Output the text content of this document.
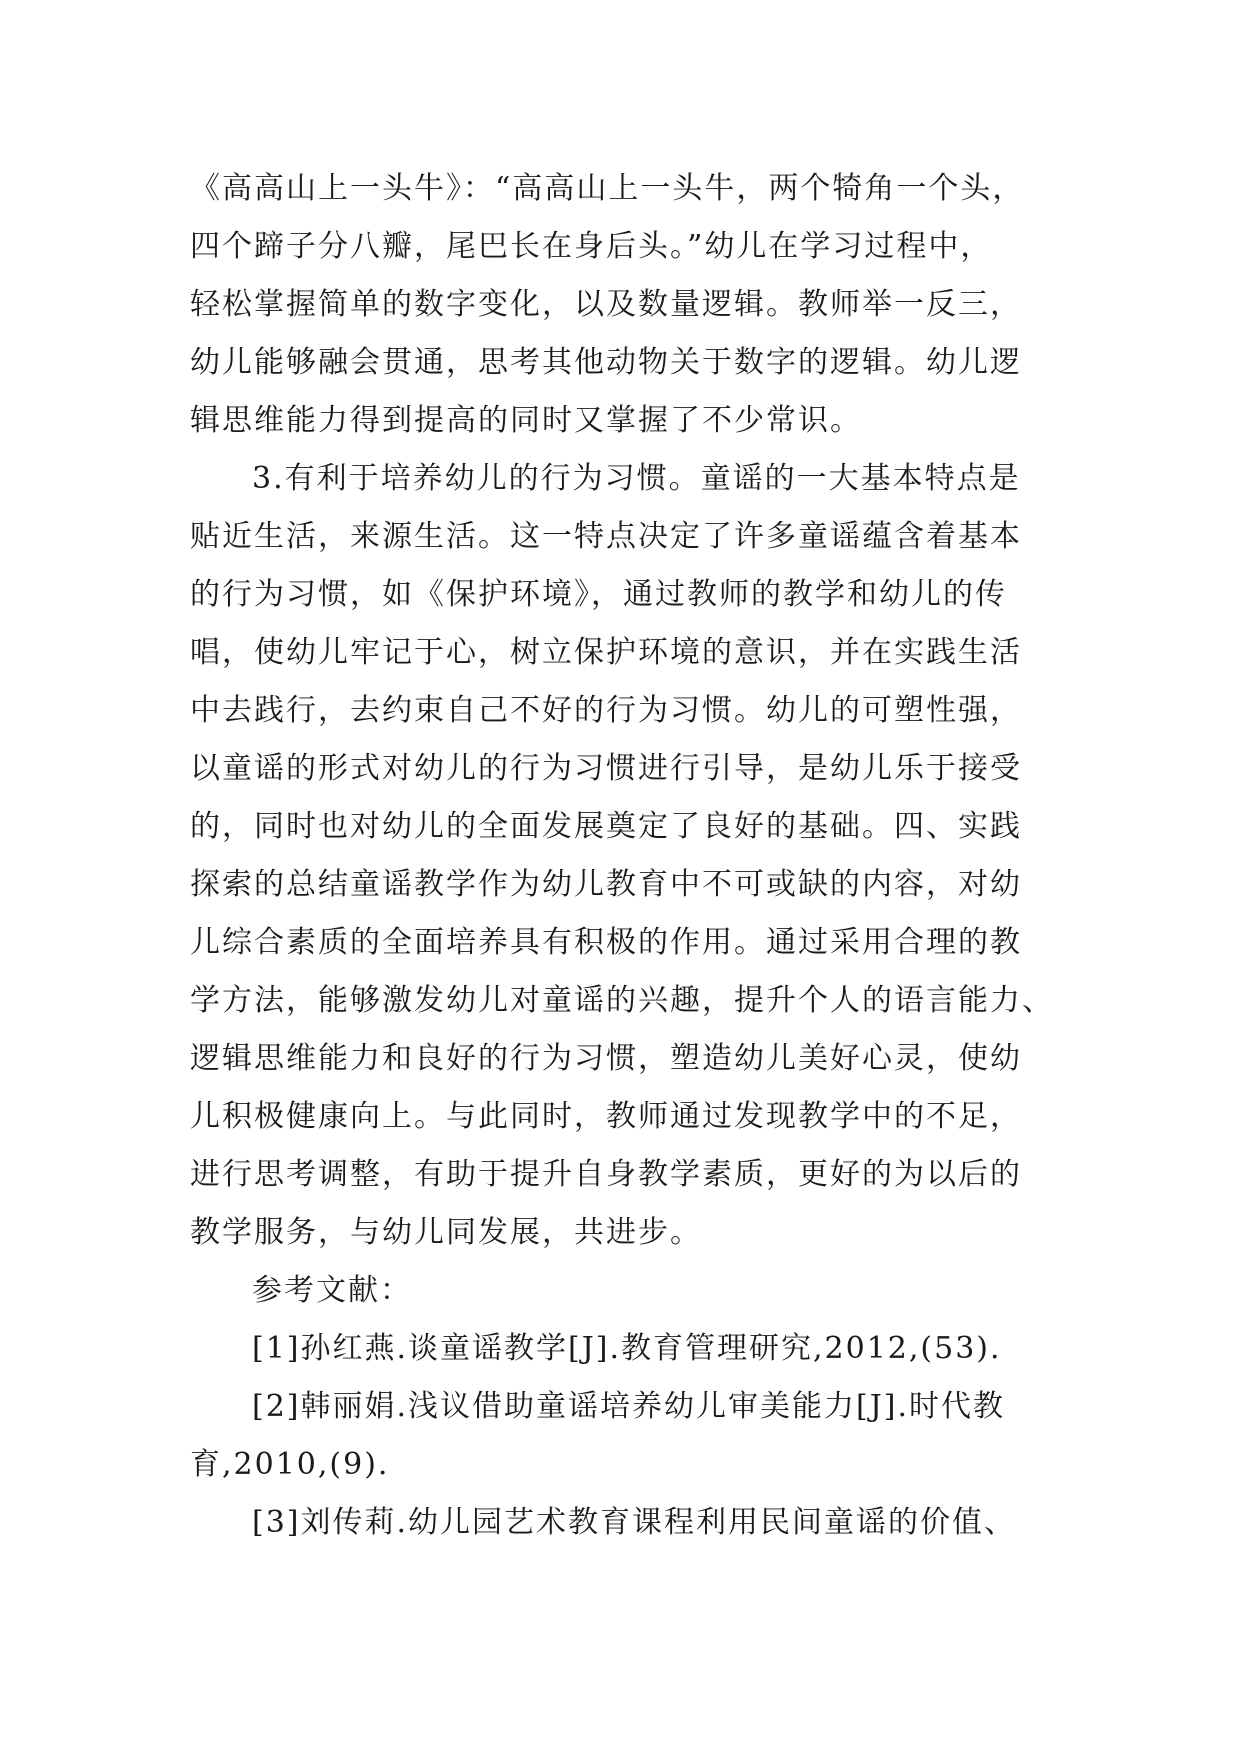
《高高山上一头牛》：“高高山上一头牛，两个犄角一个头，
四个蹄子分八瓣，尾巴长在身后头。”幼儿在学习过程中，
轻松掌握简单的数字变化，以及数量逻辑。教师举一反三，
幼儿能够融会贯通，思考其他动物关于数字的逻辑。幼儿逻
辑思维能力得到提高的同时又掌握了不少常识。
3.有利于培养幼儿的行为习惯。童谣的一大基本特点是
贴近生活，来源生活。这一特点决定了许多童谣蕴含着基本
的行为习惯，如《保护环境》，通过教师的教学和幼儿的传
唱，使幼儿牢记于心，树立保护环境的意识，并在实践生活
中去践行，去约束自己不好的行为习惯。幼儿的可塑性强，
以童谣的形式对幼儿的行为习惯进行引导，是幼儿乐于接受
的，同时也对幼儿的全面发展奠定了良好的基础。四、实践
探索的总结童谣教学作为幼儿教育中不可或缺的内容，对幼
儿综合素质的全面培养具有积极的作用。通过采用合理的教
学方法，能够激发幼儿对童谣的兴趣，提升个人的语言能力、
逻辑思维能力和良好的行为习惯，塑造幼儿美好心灵，使幼
儿积极健康向上。与此同时，教师通过发现教学中的不足，
进行思考调整，有助于提升自身教学素质，更好的为以后的
教学服务，与幼儿同发展，共进步。
参考文献：
[1]孙红燕.谈童谣教学[J].教育管理研究,2012,(53).
[2]韩丽娟.浅议借助童谣培养幼儿审美能力[J].时代教
育,2010,(9).
[3]刘传莉.幼儿园艺术教育课程利用民间童谣的价值、
